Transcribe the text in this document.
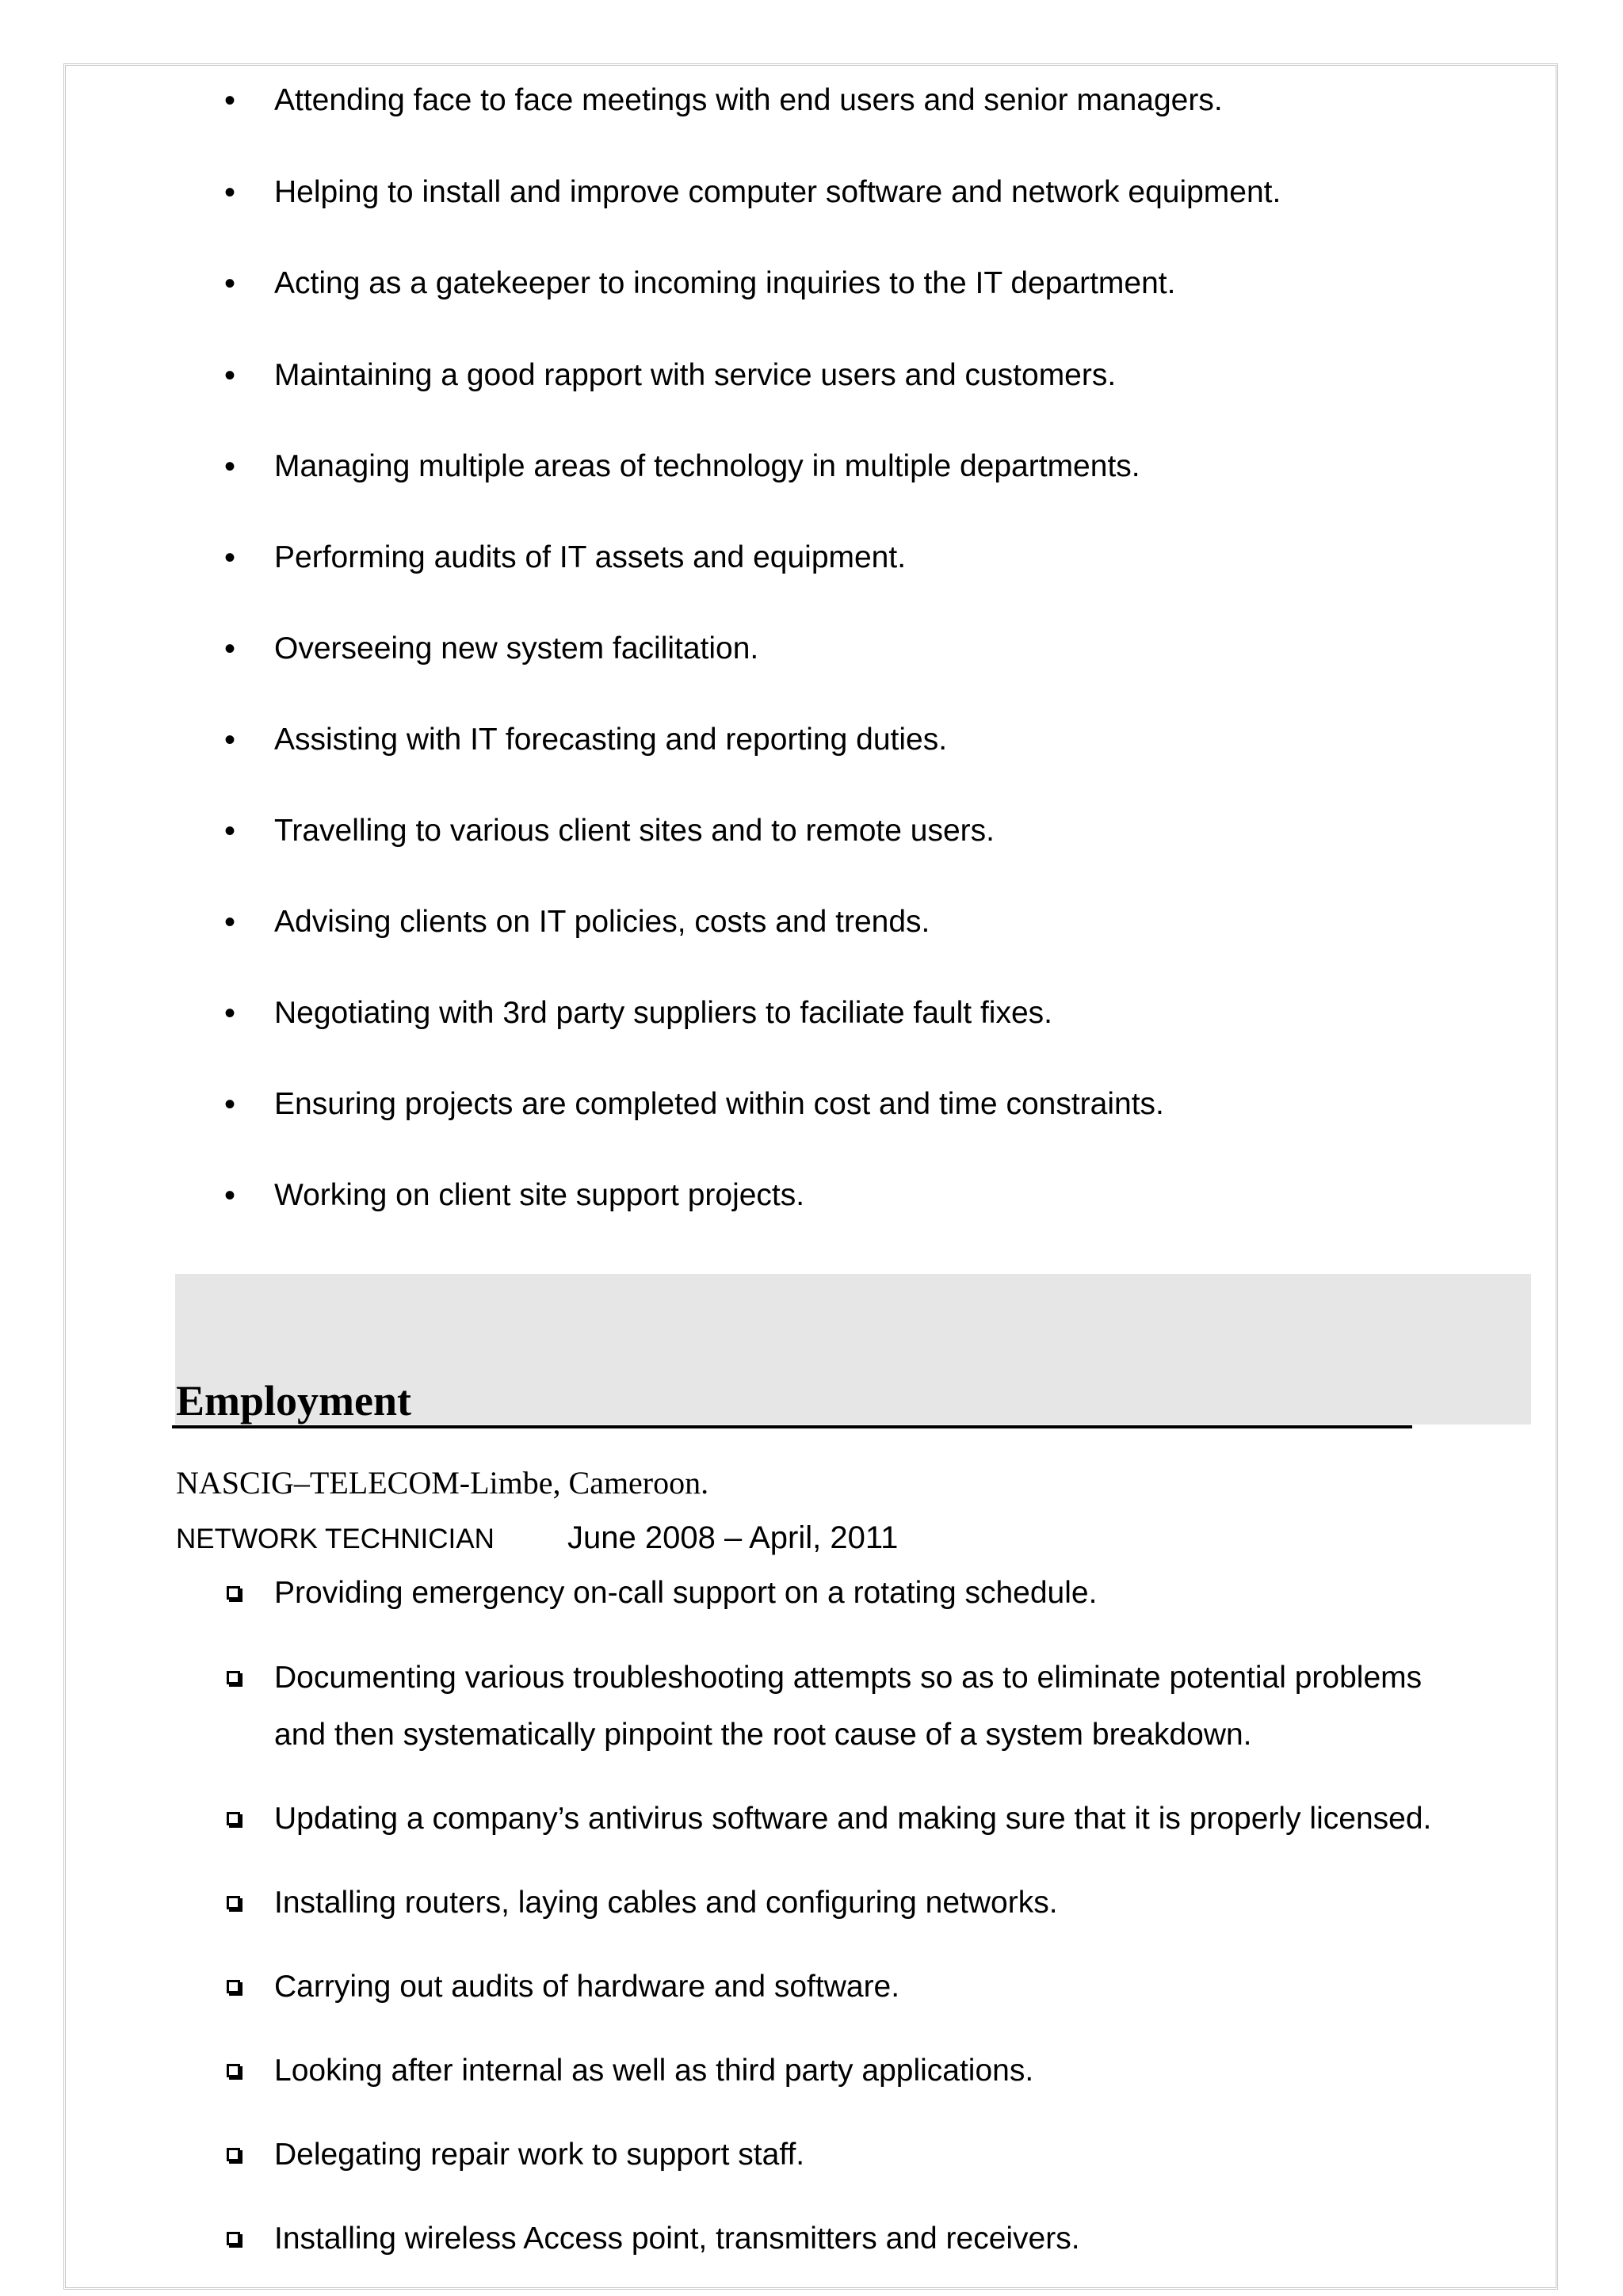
Attending face to face meetings with end users and senior managers.
Helping to install and improve computer software and network equipment.
Acting as a gatekeeper to incoming inquiries to the IT department.
Maintaining a good rapport with service users and customers.
Managing multiple areas of technology in multiple departments.
Performing audits of IT assets and equipment.
Overseeing new system facilitation.
Assisting with IT forecasting and reporting duties.
Travelling to various client sites and to remote users.
Advising clients on IT policies, costs and trends.
Negotiating with 3rd party suppliers to faciliate fault fixes.
Ensuring projects are completed within cost and time constraints.
Working on client site support projects.
Employment
NASCIG–TELECOM-Limbe, Cameroon.
NETWORK TECHNICIAN June 2008 – April, 2011
Providing emergency on-call support on a rotating schedule.
Documenting various troubleshooting attempts so as to eliminate potential problems
and then systematically pinpoint the root cause of a system breakdown.
Updating a company’s antivirus software and making sure that it is properly licensed.
Installing routers, laying cables and configuring networks.
Carrying out audits of hardware and software.
Looking after internal as well as third party applications.
Delegating repair work to support staff.
Installing wireless Access point, transmitters and receivers.
